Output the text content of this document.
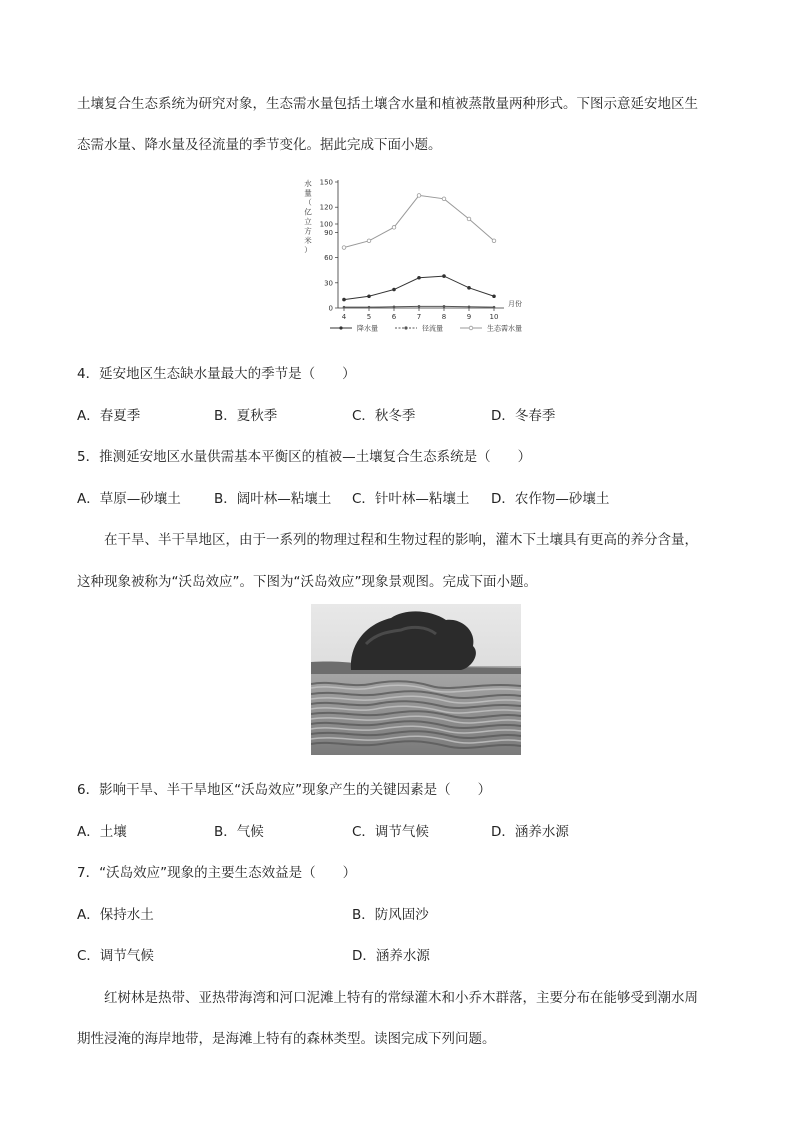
土壤复合生态系统为研究对象，生态需水量包括土壤含水量和植被蒸散量两种形式。下图示意延安地区生
态需水量、降水量及径流量的季节变化。据此完成下面小题。
水
量
（
亿
立
方
米
）
0
30
60
90
100
120
150
4	5	6	7	8	9	10
月份
降水量	径流量	生态需水量
4．延安地区生态缺水量最大的季节是（　　）
A．春夏季	B．夏秋季	C．秋冬季	D．冬春季
5．推测延安地区水量供需基本平衡区的植被—土壤复合生态系统是（　　）
A．草原—砂壤土 B．阔叶林—粘壤土 C．针叶林—粘壤土 D．农作物—砂壤土
在干旱、半干旱地区，由于一系列的物理过程和生物过程的影响，灌木下土壤具有更高的养分含量，
这种现象被称为“沃岛效应”。下图为“沃岛效应”现象景观图。完成下面小题。
6．影响干旱、半干旱地区“沃岛效应”现象产生的关键因素是（　　）
A．土壤	B．气候	C．调节气候	D．涵养水源
7．“沃岛效应”现象的主要生态效益是（　　）
A．保持水土	B．防风固沙
C．调节气候	D．涵养水源
红树林是热带、亚热带海湾和河口泥滩上特有的常绿灌木和小乔木群落，主要分布在能够受到潮水周
期性浸淹的海岸地带，是海滩上特有的森林类型。读图完成下列问题。
